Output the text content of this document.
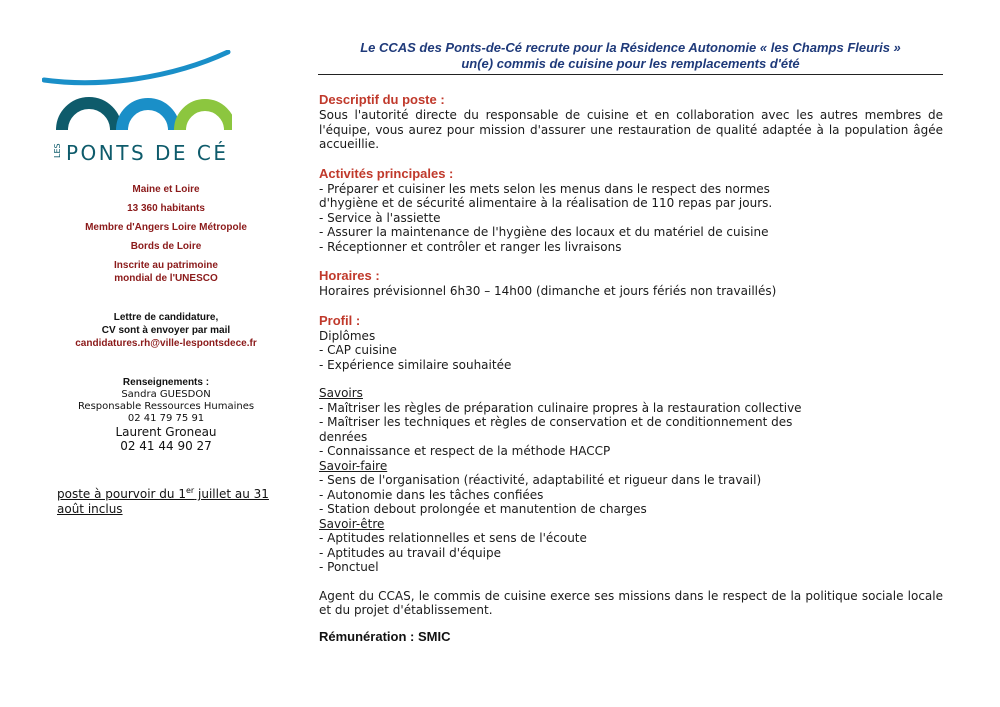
LES PONTS DE CÉ
Maine et Loire
13 360 habitants
Membre d'Angers Loire Métropole
Bords de Loire
Inscrite au patrimoine
mondial de l'UNESCO
Lettre de candidature,
CV sont à envoyer par mail
candidatures.rh@ville-lespontsdece.fr
Renseignements :
Sandra GUESDON
Responsable Ressources Humaines
02 41 79 75 91
Laurent Groneau
02 41 44 90 27
poste à pourvoir du 1er juillet au 31 août inclus
Le CCAS des Ponts-de-Cé recrute pour la Résidence Autonomie « les Champs Fleuris »
un(e) commis de cuisine pour les remplacements d'été
Descriptif du poste :
Sous l'autorité directe du responsable de cuisine et en collaboration avec les autres membres de l'équipe, vous aurez pour mission d'assurer une restauration de qualité adaptée à la population âgée accueillie.
Activités principales :
- Préparer et cuisiner les mets selon les menus dans le respect des normes
d'hygiène et de sécurité alimentaire à la réalisation de 110 repas par jours.
- Service à l'assiette
- Assurer la maintenance de l'hygiène des locaux et du matériel de cuisine
- Réceptionner et contrôler et ranger les livraisons
Horaires :
Horaires prévisionnel 6h30 – 14h00 (dimanche et jours fériés non travaillés)
Profil :
Diplômes
- CAP cuisine
- Expérience similaire souhaitée
Savoirs
- Maîtriser les règles de préparation culinaire propres à la restauration collective
- Maîtriser les techniques et règles de conservation et de conditionnement des
denrées
- Connaissance et respect de la méthode HACCP
Savoir-faire
- Sens de l'organisation (réactivité, adaptabilité et rigueur dans le travail)
- Autonomie dans les tâches confiées
- Station debout prolongée et manutention de charges
Savoir-être
- Aptitudes relationnelles et sens de l'écoute
- Aptitudes au travail d'équipe
- Ponctuel
Agent du CCAS, le commis de cuisine exerce ses missions dans le respect de la politique sociale locale et du projet d'établissement.
Rémunération : SMIC
